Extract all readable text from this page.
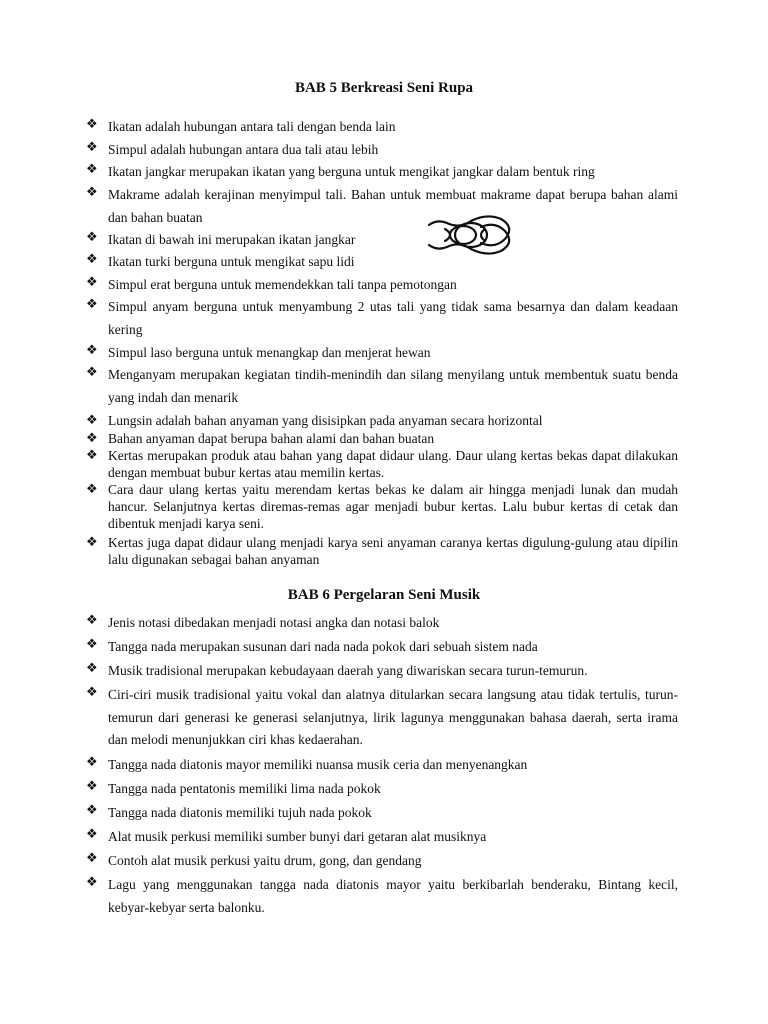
BAB 5 Berkreasi Seni Rupa
❖ Ikatan adalah hubungan antara tali dengan benda lain
❖ Simpul adalah hubungan antara dua tali atau lebih
❖ Ikatan jangkar merupakan ikatan yang berguna untuk mengikat jangkar dalam bentuk ring
❖ Makrame adalah kerajinan menyimpul tali. Bahan untuk membuat makrame dapat berupa bahan alami dan bahan buatan
❖ Ikatan di bawah ini merupakan ikatan jangkar
❖ Ikatan turki berguna untuk mengikat sapu lidi
❖ Simpul erat berguna untuk memendekkan tali tanpa pemotongan
❖ Simpul anyam berguna untuk menyambung 2 utas tali yang tidak sama besarnya dan dalam keadaan kering
❖ Simpul laso berguna untuk menangkap dan menjerat hewan
❖ Menganyam merupakan kegiatan tindih-menindih dan silang menyilang untuk membentuk suatu benda yang indah dan menarik
❖ Lungsin adalah bahan anyaman yang disisipkan pada anyaman secara horizontal
❖ Bahan anyaman dapat berupa bahan alami dan bahan buatan
❖ Kertas merupakan produk atau bahan yang dapat didaur ulang. Daur ulang kertas bekas dapat dilakukan dengan membuat bubur kertas atau memilin kertas.
❖ Cara daur ulang kertas yaitu merendam kertas bekas ke dalam air hingga menjadi lunak dan mudah hancur. Selanjutnya kertas diremas-remas agar menjadi bubur kertas. Lalu bubur kertas di cetak dan dibentuk menjadi karya seni.
❖ Kertas juga dapat didaur ulang menjadi karya seni anyaman caranya kertas digulung-gulung atau dipilin lalu digunakan sebagai bahan anyaman
BAB 6 Pergelaran Seni Musik
❖ Jenis notasi dibedakan menjadi notasi angka dan notasi balok
❖ Tangga nada merupakan susunan dari nada nada pokok dari sebuah sistem nada
❖ Musik tradisional merupakan kebudayaan daerah yang diwariskan secara turun-temurun.
❖ Ciri-ciri musik tradisional yaitu vokal dan alatnya ditularkan secara langsung atau tidak tertulis, turun-temurun dari generasi ke generasi selanjutnya, lirik lagunya menggunakan bahasa daerah, serta irama dan melodi menunjukkan ciri khas kedaerahan.
❖ Tangga nada diatonis mayor memiliki nuansa musik ceria dan menyenangkan
❖ Tangga nada pentatonis memiliki lima nada pokok
❖ Tangga nada diatonis memiliki tujuh nada pokok
❖ Alat musik perkusi memiliki sumber bunyi dari getaran alat musiknya
❖ Contoh alat musik perkusi yaitu drum, gong, dan gendang
❖ Lagu yang menggunakan tangga nada diatonis mayor yaitu berkibarlah benderaku, Bintang kecil, kebyar-kebyar serta balonku.
